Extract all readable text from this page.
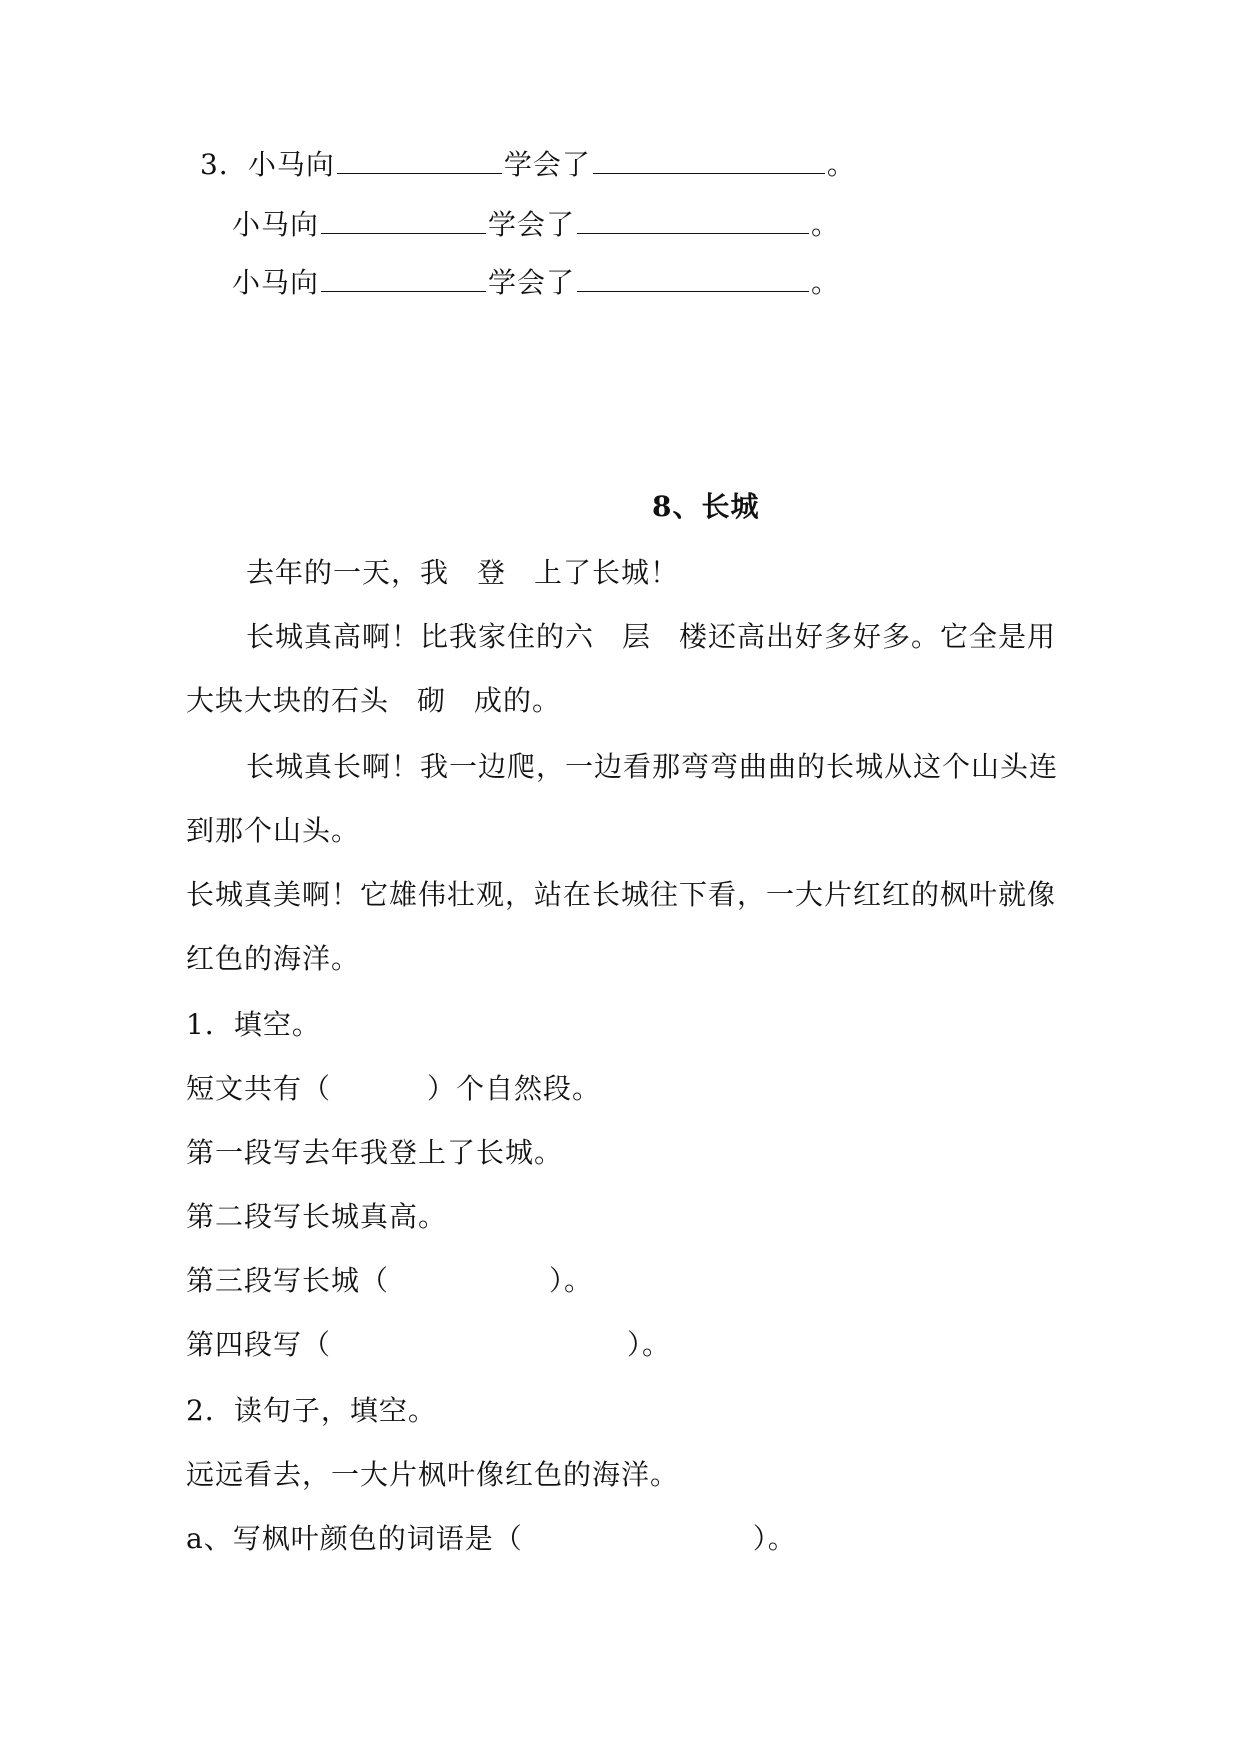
3．小马向	学会了	。
小马向	学会了	。
小马向	学会了	。
8、长城
去年的一天，我 登 上了长城！
长城真高啊！比我家住的六 层 楼还高出好多好多。它全是用
大块大块的石头 砌 成的。
长城真长啊！我一边爬，一边看那弯弯曲曲的长城从这个山头连
到那个山头。
长城真美啊！它雄伟壮观，站在长城往下看，一大片红红的枫叶就像
红色的海洋。
1．填空。
短文共有（	）个自然段。
第一段写去年我登上了长城。
第二段写长城真高。
第三段写长城（	）。
第四段写（	）。
2．读句子，填空。
远远看去，一大片枫叶像红色的海洋。
a、写枫叶颜色的词语是（	）。
